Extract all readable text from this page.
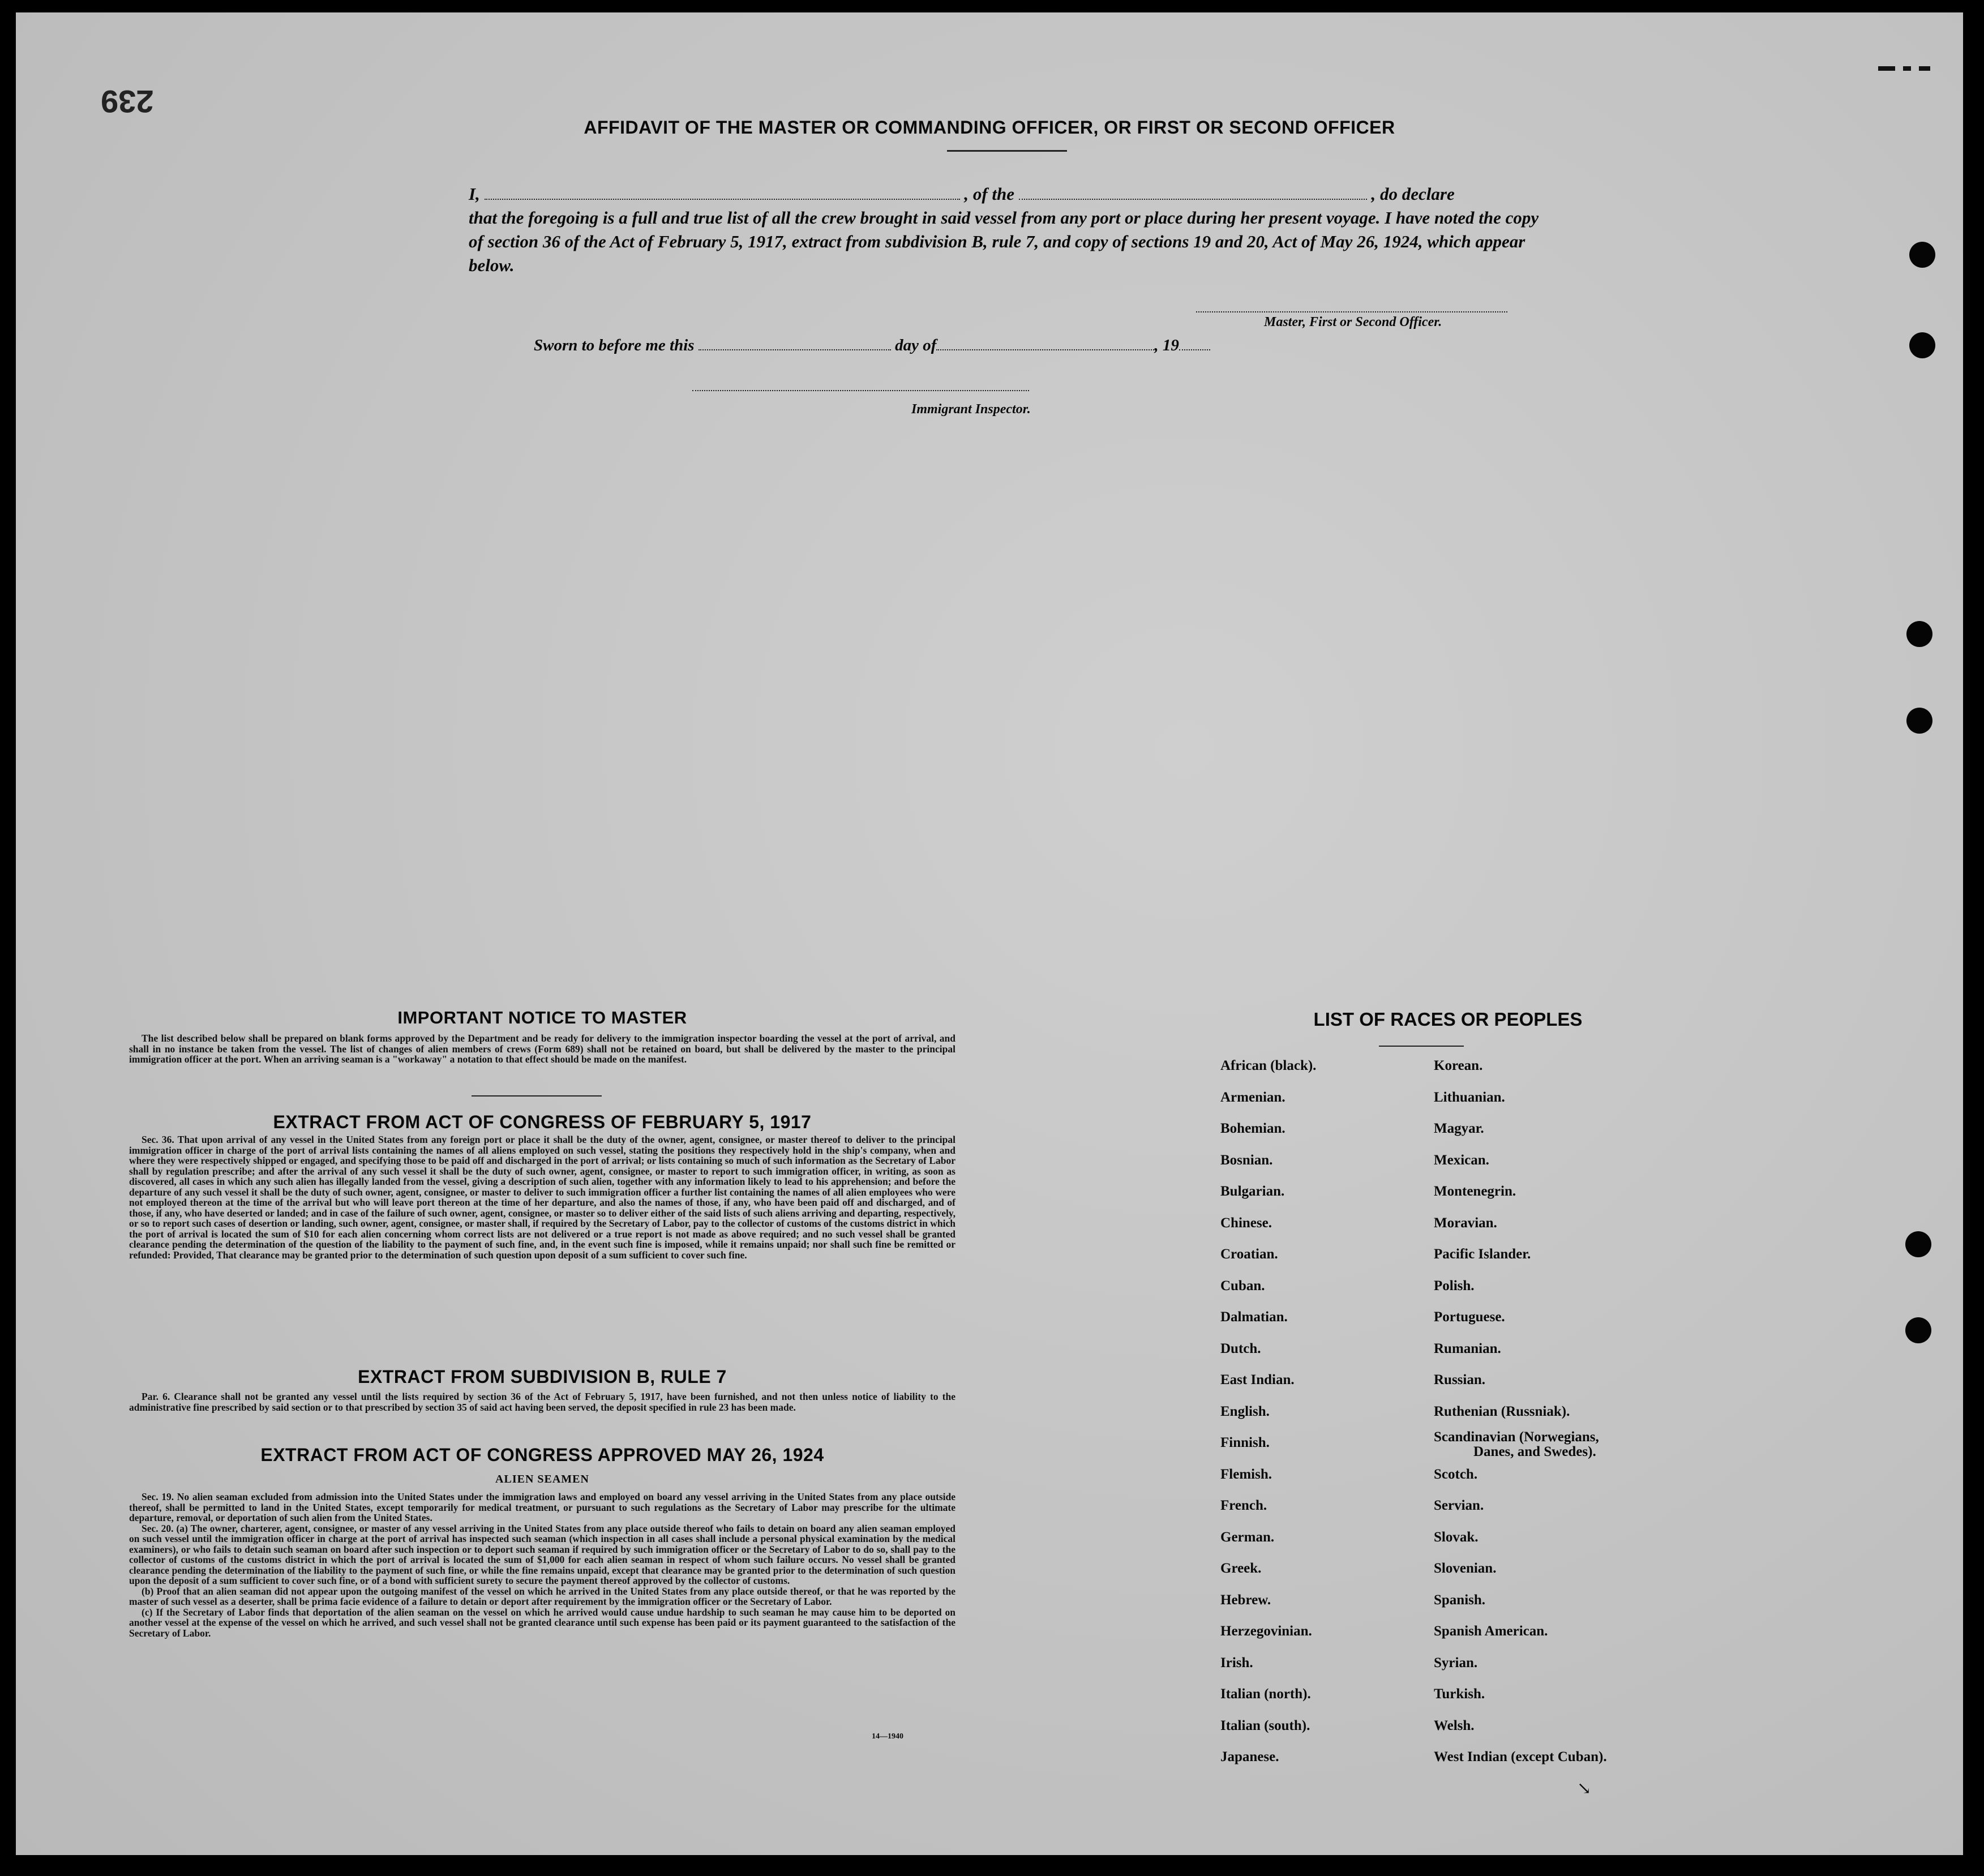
239
AFFIDAVIT OF THE MASTER OR COMMANDING OFFICER, OR FIRST OR SECOND OFFICER
I,	, of the	, do declare
that the foregoing is a full and true list of all the crew brought in said vessel from any port or place during her present voyage. I have noted the copy of section 36 of the Act of February 5, 1917, extract from subdivision B, rule 7, and copy of sections 19 and 20, Act of May 26, 1924, which appear below.
Master, First or Second Officer.
Sworn to before me this	day of	, 19
Immigrant Inspector.
IMPORTANT NOTICE TO MASTER

The list described below shall be prepared on blank forms approved by the Department and be ready for delivery to the immigration inspector boarding the vessel at the port of arrival, and shall in no instance be taken from the vessel. The list of changes of alien members of crews (Form 689) shall not be retained on board, but shall be delivered by the master to the principal immigration officer at the port. When an arriving seaman is a "workaway" a notation to that effect should be made on the manifest.

EXTRACT FROM ACT OF CONGRESS OF FEBRUARY 5, 1917

Sec. 36. That upon arrival of any vessel in the United States from any foreign port or place it shall be the duty of the owner, agent, consignee, or master thereof to deliver to the principal immigration officer in charge of the port of arrival lists containing the names of all aliens employed on such vessel, stating the positions they respectively hold in the ship's company, when and where they were respectively shipped or engaged, and specifying those to be paid off and discharged in the port of arrival; or lists containing so much of such information as the Secretary of Labor shall by regulation prescribe; and after the arrival of any such vessel it shall be the duty of such owner, agent, consignee, or master to report to such immigration officer, in writing, as soon as discovered, all cases in which any such alien has illegally landed from the vessel, giving a description of such alien, together with any information likely to lead to his apprehension; and before the departure of any such vessel it shall be the duty of such owner, agent, consignee, or master to deliver to such immigration officer a further list containing the names of all alien employees who were not employed thereon at the time of the arrival but who will leave port thereon at the time of her departure, and also the names of those, if any, who have been paid off and discharged, and of those, if any, who have deserted or landed; and in case of the failure of such owner, agent, consignee, or master so to deliver either of the said lists of such aliens arriving and departing, respectively, or so to report such cases of desertion or landing, such owner, agent, consignee, or master shall, if required by the Secretary of Labor, pay to the collector of customs of the customs district in which the port of arrival is located the sum of $10 for each alien concerning whom correct lists are not delivered or a true report is not made as above required; and no such vessel shall be granted clearance pending the determination of the question of the liability to the payment of such fine, and, in the event such fine is imposed, while it remains unpaid; nor shall such fine be remitted or refunded: Provided, That clearance may be granted prior to the determination of such question upon deposit of a sum sufficient to cover such fine.

EXTRACT FROM SUBDIVISION B, RULE 7

Par. 6. Clearance shall not be granted any vessel until the lists required by section 36 of the Act of February 5, 1917, have been furnished, and not then unless notice of liability to the administrative fine prescribed by said section or to that prescribed by section 35 of said act having been served, the deposit specified in rule 23 has been made.

EXTRACT FROM ACT OF CONGRESS APPROVED MAY 26, 1924
ALIEN SEAMEN

Sec. 19. No alien seaman excluded from admission into the United States under the immigration laws and employed on board any vessel arriving in the United States from any place outside thereof, shall be permitted to land in the United States, except temporarily for medical treatment, or pursuant to such regulations as the Secretary of Labor may prescribe for the ultimate departure, removal, or deportation of such alien from the United States.

Sec. 20. (a) The owner, charterer, agent, consignee, or master of any vessel arriving in the United States from any place outside thereof who fails to detain on board any alien seaman employed on such vessel until the immigration officer in charge at the port of arrival has inspected such seaman (which inspection in all cases shall include a personal physical examination by the medical examiners), or who fails to detain such seaman on board after such inspection or to deport such seaman if required by such immigration officer or the Secretary of Labor to do so, shall pay to the collector of customs of the customs district in which the port of arrival is located the sum of $1,000 for each alien seaman in respect of whom such failure occurs. No vessel shall be granted clearance pending the determination of the liability to the payment of such fine, or while the fine remains unpaid, except that clearance may be granted prior to the determination of such question upon the deposit of a sum sufficient to cover such fine, or of a bond with sufficient surety to secure the payment thereof approved by the collector of customs.

(b) Proof that an alien seaman did not appear upon the outgoing manifest of the vessel on which he arrived in the United States from any place outside thereof, or that he was reported by the master of such vessel as a deserter, shall be prima facie evidence of a failure to detain or deport after requirement by the immigration officer or the Secretary of Labor.

(c) If the Secretary of Labor finds that deportation of the alien seaman on the vessel on which he arrived would cause undue hardship to such seaman he may cause him to be deported on another vessel at the expense of the vessel on which he arrived, and such vessel shall not be granted clearance until such expense has been paid or its payment guaranteed to the satisfaction of the Secretary of Labor.

14—1940
LIST OF RACES OR PEOPLES
African (black).
Armenian.
Bohemian.
Bosnian.
Bulgarian.
Chinese.
Croatian.
Cuban.
Dalmatian.
Dutch.
East Indian.
English.
Finnish.
Flemish.
French.
German.
Greek.
Hebrew.
Herzegovinian.
Irish.
Italian (north).
Italian (south).
Japanese.
Korean.
Lithuanian.
Magyar.
Mexican.
Montenegrin.
Moravian.
Pacific Islander.
Polish.
Portuguese.
Rumanian.
Russian.
Ruthenian (Russniak).
Scandinavian (Norwegians,
Danes, and Swedes).
Scotch.
Servian.
Slovak.
Slovenian.
Spanish.
Spanish American.
Syrian.
Turkish.
Welsh.
West Indian (except Cuban).
↘
